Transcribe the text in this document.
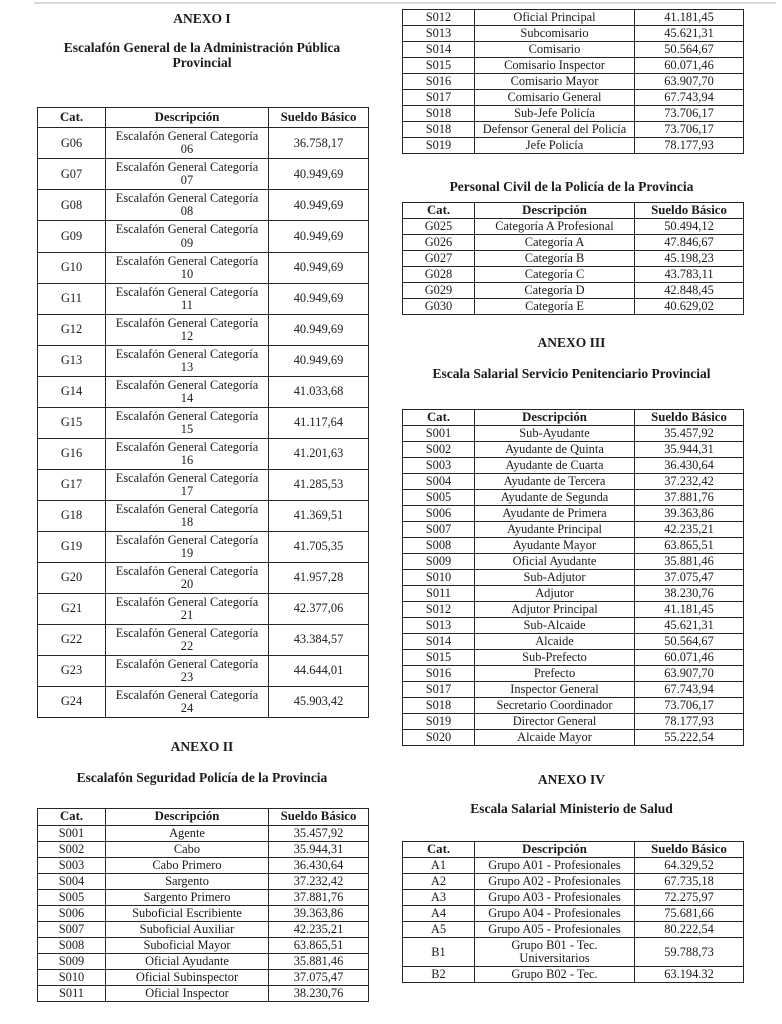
ANEXO I
Escalafón General de la Administración Pública
Provincial
Cat.	Descripción	Sueldo Básico
G06	Escalafón General Categoría 06	36.758,17
G07	Escalafón General Categoría 07	40.949,69
G08	Escalafón General Categoría 08	40.949,69
G09	Escalafón General Categoría 09	40.949,69
G10	Escalafón General Categoría 10	40.949,69
G11	Escalafón General Categoría 11	40.949,69
G12	Escalafón General Categoría 12	40.949,69
G13	Escalafón General Categoría 13	40.949,69
G14	Escalafón General Categoría 14	41.033,68
G15	Escalafón General Categoría 15	41.117,64
G16	Escalafón General Categoría 16	41.201,63
G17	Escalafón General Categoría 17	41.285,53
G18	Escalafón General Categoría 18	41.369,51
G19	Escalafón General Categoría 19	41.705,35
G20	Escalafón General Categoría 20	41.957,28
G21	Escalafón General Categoría 21	42.377,06
G22	Escalafón General Categoría 22	43.384,57
G23	Escalafón General Categoría 23	44.644,01
G24	Escalafón General Categoría 24	45.903,42
ANEXO II
Escalafón Seguridad Policía de la Provincia
Cat.	Descripción	Sueldo Básico
S001	Agente	35.457,92
S002	Cabo	35.944,31
S003	Cabo Primero	36.430,64
S004	Sargento	37.232,42
S005	Sargento Primero	37.881,76
S006	Suboficial Escribiente	39.363,86
S007	Suboficial Auxiliar	42.235,21
S008	Suboficial Mayor	63.865,51
S009	Oficial Ayudante	35.881,46
S010	Oficial Subinspector	37.075,47
S011	Oficial Inspector	38.230,76
S012	Oficial Principal	41.181,45
S013	Subcomisario	45.621,31
S014	Comisario	50.564,67
S015	Comisario Inspector	60.071,46
S016	Comisario Mayor	63.907,70
S017	Comisario General	67.743,94
S018	Sub-Jefe Policía	73.706,17
S018	Defensor General del Policía	73.706,17
S019	Jefe Policía	78.177,93
Personal Civil de la Policía de la Provincia
Cat.	Descripción	Sueldo Básico
G025	Categoría A Profesional	50.494,12
G026	Categoría A	47.846,67
G027	Categoría B	45.198,23
G028	Categoría C	43.783,11
G029	Categoría D	42.848,45
G030	Categoría E	40.629,02
ANEXO III
Escala Salarial Servicio Penitenciario Provincial
Cat.	Descripción	Sueldo Básico
S001	Sub-Ayudante	35.457,92
S002	Ayudante de Quinta	35.944,31
S003	Ayudante de Cuarta	36.430,64
S004	Ayudante de Tercera	37.232,42
S005	Ayudante de Segunda	37.881,76
S006	Ayudante de Primera	39.363,86
S007	Ayudante Principal	42.235,21
S008	Ayudante Mayor	63.865,51
S009	Oficial Ayudante	35.881,46
S010	Sub-Adjutor	37.075,47
S011	Adjutor	38.230,76
S012	Adjutor Principal	41.181,45
S013	Sub-Alcaide	45.621,31
S014	Alcaide	50.564,67
S015	Sub-Prefecto	60.071,46
S016	Prefecto	63.907,70
S017	Inspector General	67.743,94
S018	Secretario Coordinador	73.706,17
S019	Director General	78.177,93
S020	Alcaide Mayor	55.222,54
ANEXO IV
Escala Salarial Ministerio de Salud
Cat.	Descripción	Sueldo Básico
A1	Grupo A01 - Profesionales	64.329,52
A2	Grupo A02 - Profesionales	67.735,18
A3	Grupo A03 - Profesionales	72.275,97
A4	Grupo A04 - Profesionales	75.681,66
A5	Grupo A05 - Profesionales	80.222,54
B1	Grupo B01 - Tec. Universitarios	59.788,73
B2	Grupo B02 - Tec.	63.194.32
